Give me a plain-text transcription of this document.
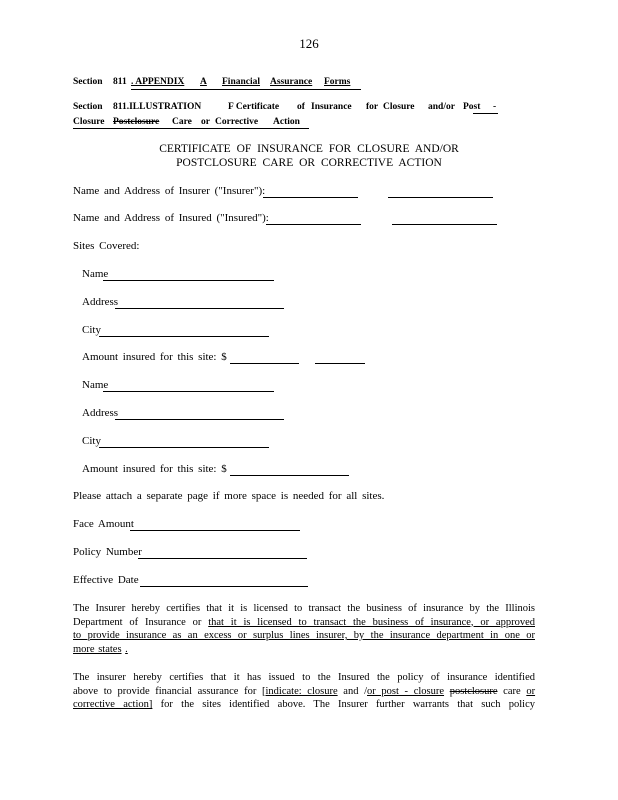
126
Section 811 . APPENDIX A Financial Assurance Forms
Section 811.ILLUSTRATION	F Certificate of Insurance for Closure and/or Post -
Closure Postclosure Care or Corrective Action
CERTIFICATE OF INSURANCE FOR CLOSURE AND/OR
POSTCLOSURE CARE OR CORRECTIVE ACTION
Name and Address of Insurer ("Insurer"):
Name and Address of Insured ("Insured"):
Sites Covered:
Name
Address
City
Amount insured for this site: $
Name
Address
City
Amount insured for this site: $
Please attach a separate page if more space is needed for all sites.
Face Amount
Policy Number
Effective Date
The Insurer hereby certifies that it is licensed to transact the business of insurance by the Illinois
Department of Insurance or that it is licensed to transact the business of insurance, or approved
to provide insurance as an excess or surplus lines insurer, by the insurance department in one or
more states .
The insurer hereby certifies that it has issued to the Insured the policy of insurance identified
above to provide financial assurance for [indicate: closure and /or post - closure postclosure care or
corrective action] for the sites identified above. The Insurer further warrants that such policy
